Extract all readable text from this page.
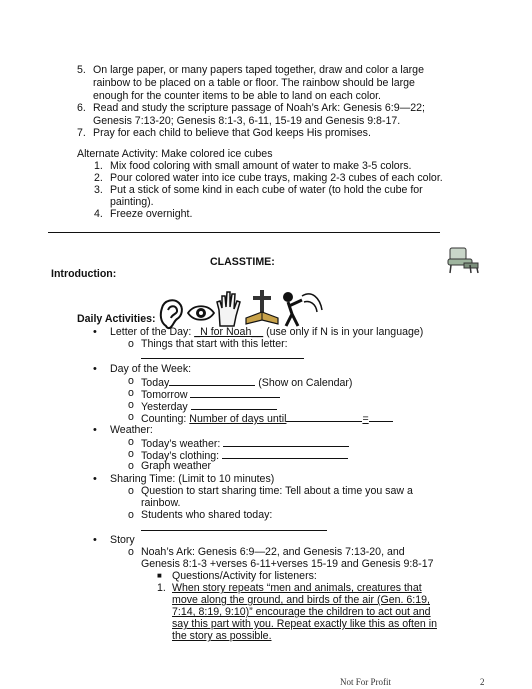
5. On large paper, or many papers taped together, draw and color a large
rainbow to be placed on a table or floor. The rainbow should be large
enough for the counter items to be able to land on each color.
6. Read and study the scripture passage of Noah’s Ark: Genesis 6:9—22;
Genesis 7:13-20; Genesis 8:1-3, 6-11, 15-19 and Genesis 9:8-17.
7. Pray for each child to believe that God keeps His promises.
Alternate Activity: Make colored ice cubes
1. Mix food coloring with small amount of water to make 3-5 colors.
2. Pour colored water into ice cube trays, making 2-3 cubes of each color.
3. Put a stick of some kind in each cube of water (to hold the cube for
painting).
4. Freeze overnight.
CLASSTIME:
Introduction:
Daily Activities:
• Letter of the Day: _N for Noah__ (use only if N is in your language)
o Things that start with this letter:
• Day of the Week:
o Today	(Show on Calendar)
o Tomorrow
o Yesterday
o Counting: Number of days until	=
• Weather:
o Today’s weather:
o Today’s clothing:
o Graph weather
• Sharing Time: (Limit to 10 minutes)
o Question to start sharing time: Tell about a time you saw a
rainbow.
o Students who shared today:
• Story
o Noah’s Ark: Genesis 6:9—22, and Genesis 7:13-20, and
Genesis 8:1-3 +verses 6-11+verses 15-19 and Genesis 9:8-17
■ Questions/Activity for listeners:
1. When story repeats “men and animals, creatures that
move along the ground, and birds of the air (Gen. 6:19,
7:14, 8:19, 9:10)” encourage the children to act out and
say this part with you. Repeat exactly like this as often in
the story as possible.
Not For Profit	2
